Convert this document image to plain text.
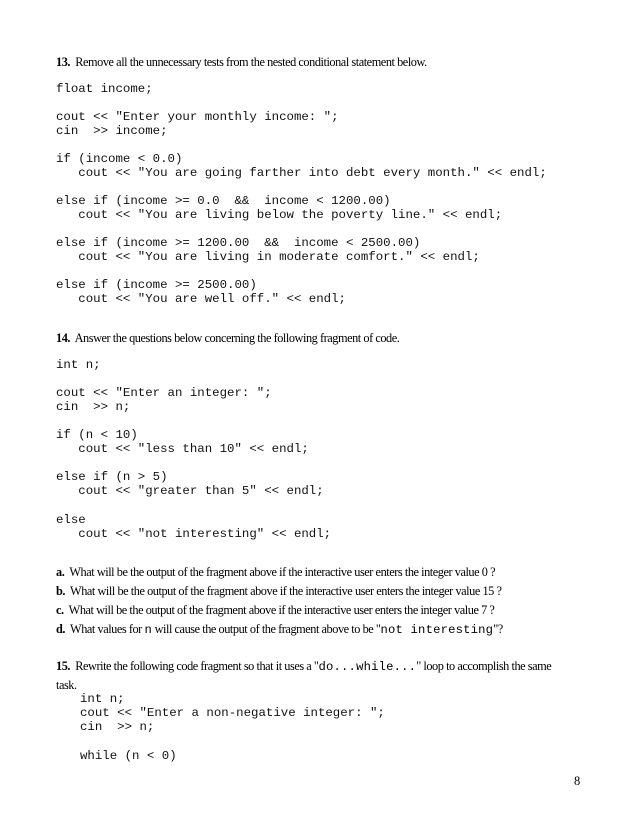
13. Remove all the unnecessary tests from the nested conditional statement below.
float income;
cout << "Enter your monthly income: ";
cin  >> income;
if (income < 0.0)
cout << "You are going farther into debt every month." << endl;
else if (income >= 0.0  &&  income < 1200.00)
cout << "You are living below the poverty line." << endl;
else if (income >= 1200.00  &&  income < 2500.00)
cout << "You are living in moderate comfort." << endl;
else if (income >= 2500.00)
cout << "You are well off." << endl;
14. Answer the questions below concerning the following fragment of code.
int n;
cout << "Enter an integer: ";
cin  >> n;
if (n < 10)
cout << "less than 10" << endl;
else if (n > 5)
cout << "greater than 5" << endl;
else
cout << "not interesting" << endl;
a. What will be the output of the fragment above if the interactive user enters the integer value 0 ?
b. What will be the output of the fragment above if the interactive user enters the integer value 15 ?
c. What will be the output of the fragment above if the interactive user enters the integer value 7 ?
d. What values for n will cause the output of the fragment above to be "not interesting"?
15. Rewrite the following code fragment so that it uses a "do...while..." loop to accomplish the same
task.
int n;
cout << "Enter a non-negative integer: ";
cin  >> n;
while (n < 0)
8
